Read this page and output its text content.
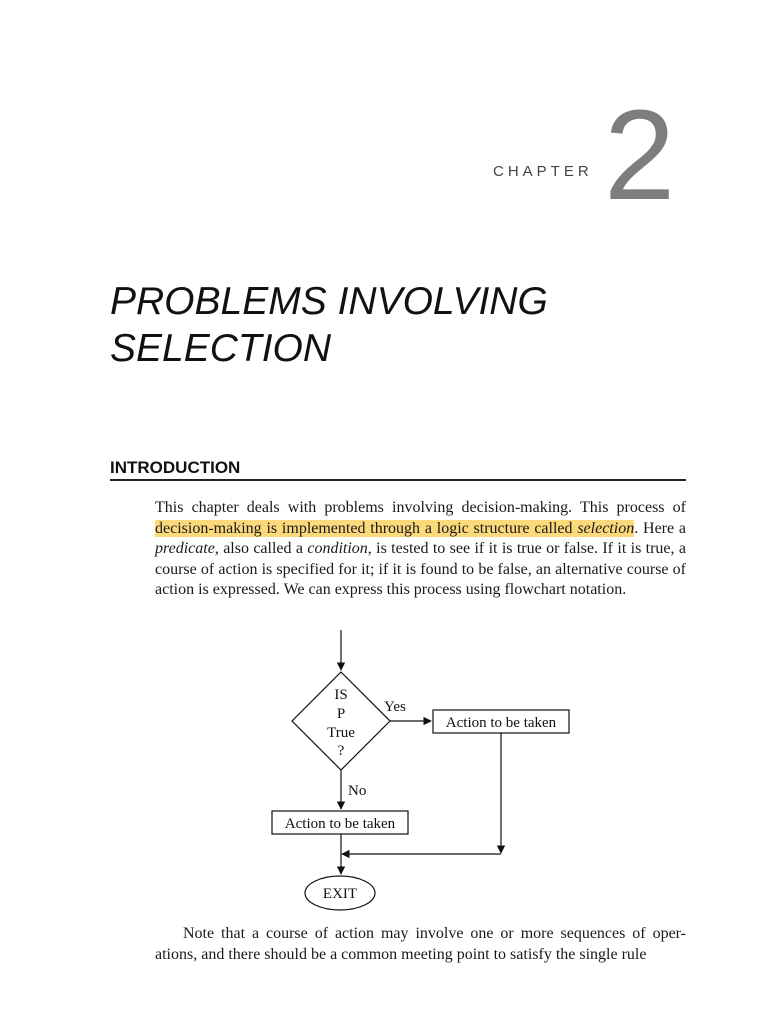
CHAPTER 2
PROBLEMS INVOLVING
SELECTION
INTRODUCTION

This chapter deals with problems involving decision-making. This process of decision-making is implemented through a logic structure called selection. Here a predicate, also called a condition, is tested to see if it is true or false. If it is true, a course of action is specified for it; if it is found to be false, an alternative course of action is expressed. We can express this process using flowchart notation.

IS
P
True
?
Yes
Action to be taken
No
Action to be taken
EXIT

Note that a course of action may involve one or more sequences of oper-ations, and there should be a common meeting point to satisfy the single rule
